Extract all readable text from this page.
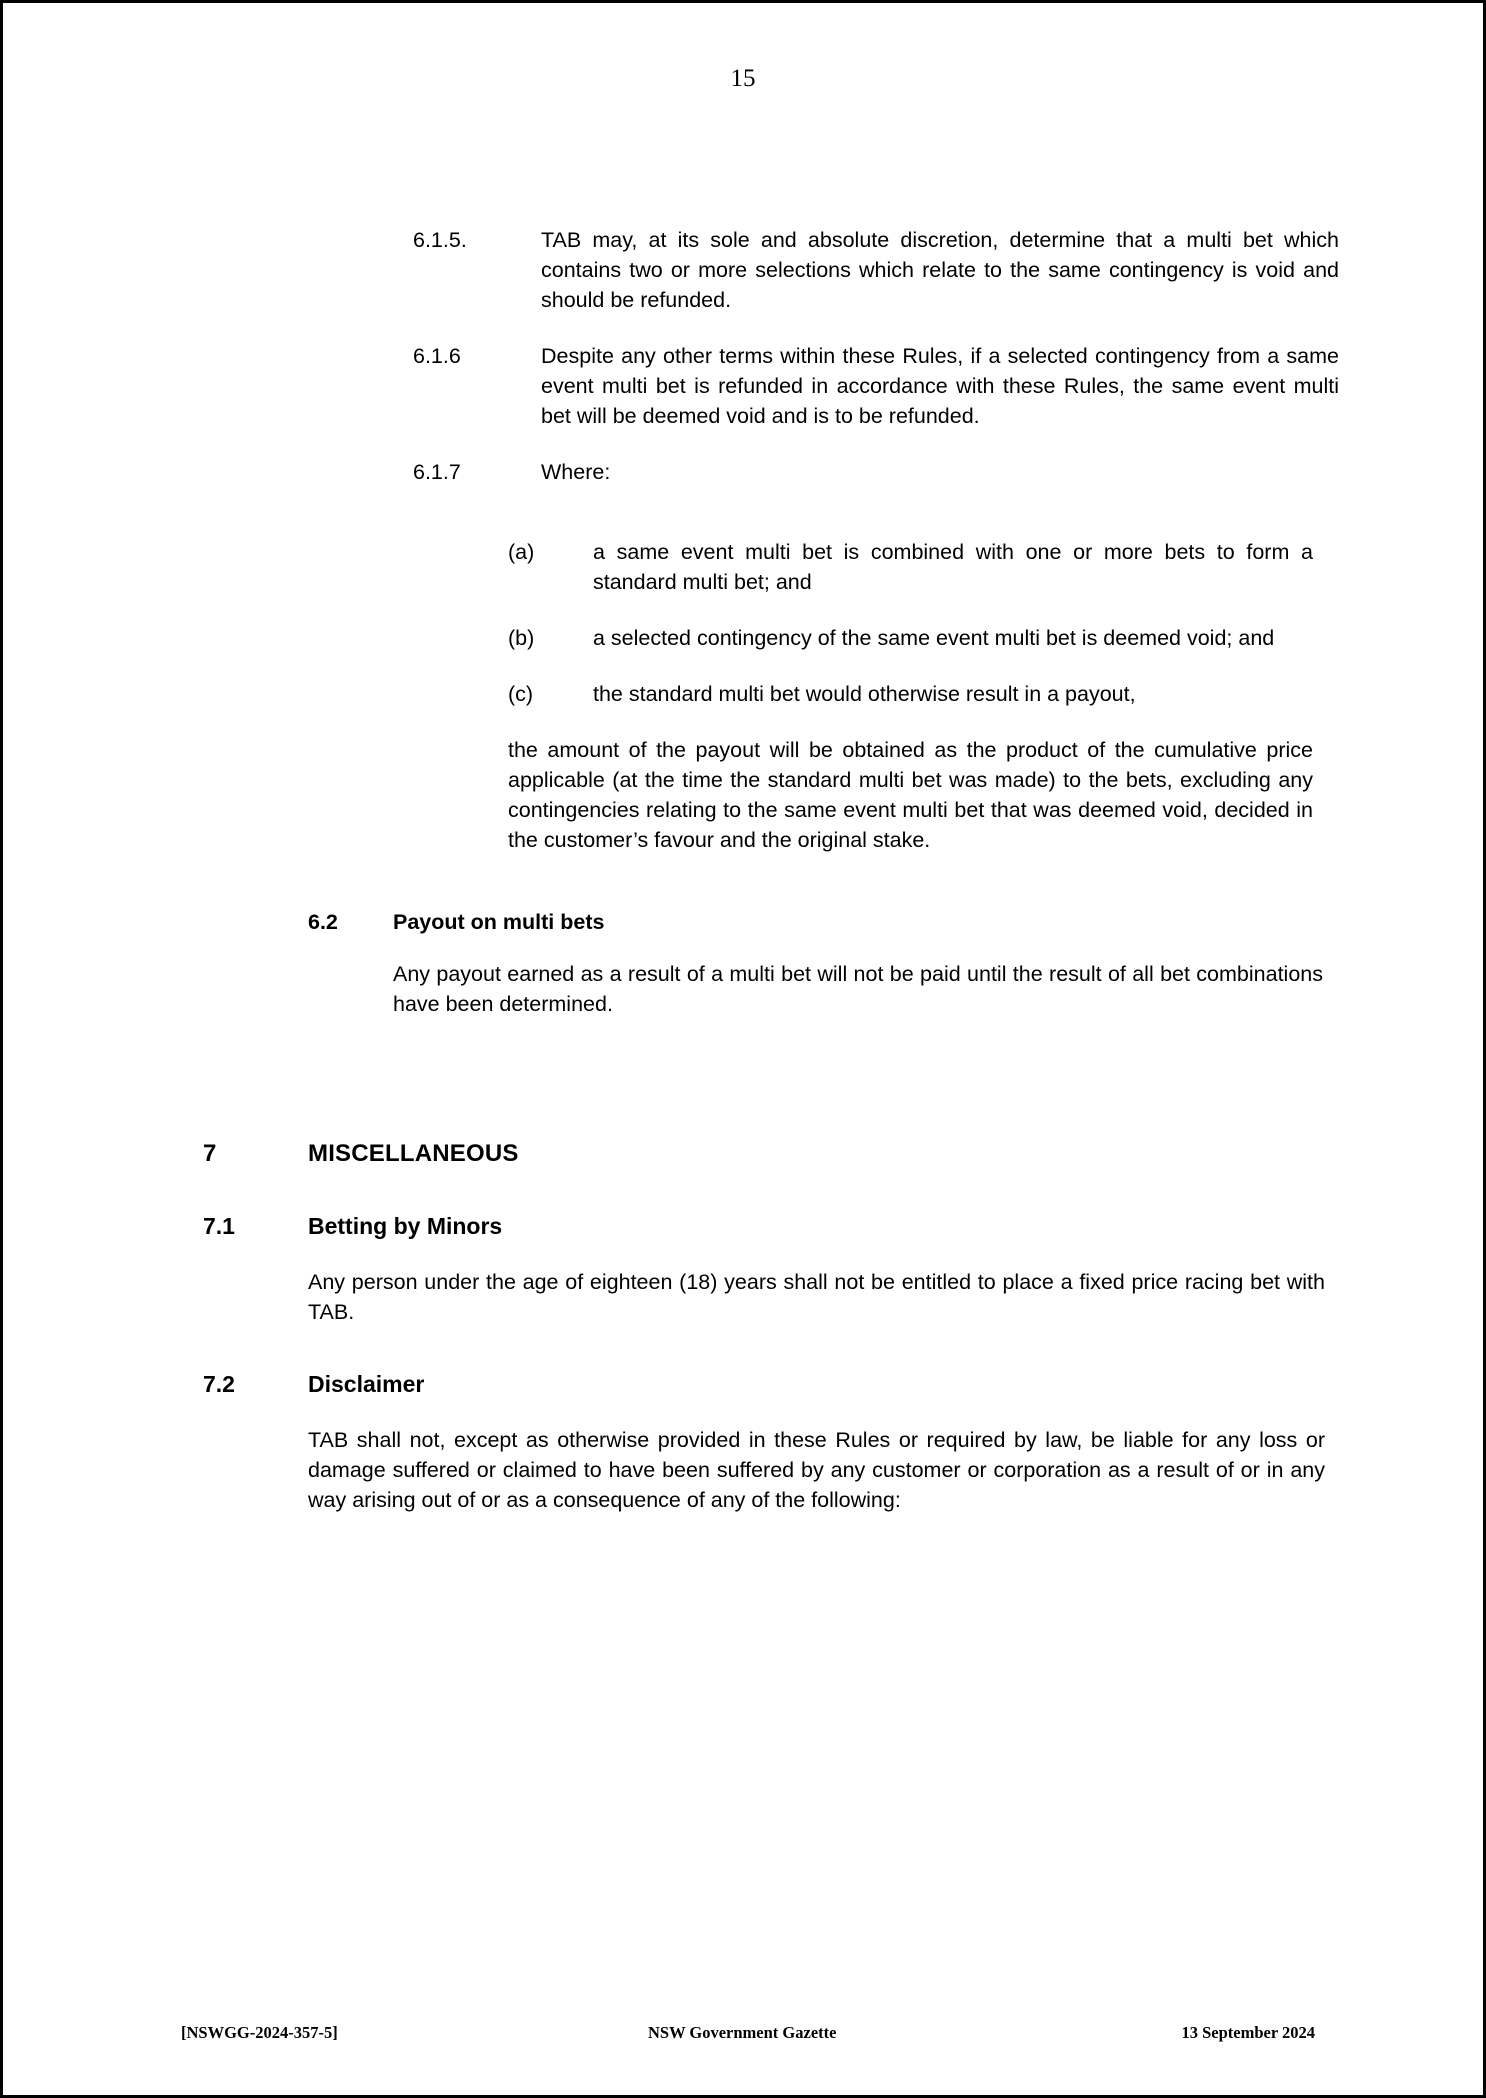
15
6.1.5.	TAB may, at its sole and absolute discretion, determine that a multi bet which contains two or more selections which relate to the same contingency is void and should be refunded.
6.1.6	Despite any other terms within these Rules, if a selected contingency from a same event multi bet is refunded in accordance with these Rules, the same event multi bet will be deemed void and is to be refunded.
6.1.7	Where:
(a)	a same event multi bet is combined with one or more bets to form a standard multi bet; and
(b)	a selected contingency of the same event multi bet is deemed void; and
(c)	the standard multi bet would otherwise result in a payout,
the amount of the payout will be obtained as the product of the cumulative price applicable (at the time the standard multi bet was made) to the bets, excluding any contingencies relating to the same event multi bet that was deemed void, decided in the customer’s favour and the original stake.
6.2	Payout on multi bets
Any payout earned as a result of a multi bet will not be paid until the result of all bet combinations have been determined.
7	MISCELLANEOUS
7.1	Betting by Minors
Any person under the age of eighteen (18) years shall not be entitled to place a fixed price racing bet with TAB.
7.2	Disclaimer
TAB shall not, except as otherwise provided in these Rules or required by law, be liable for any loss or damage suffered or claimed to have been suffered by any customer or corporation as a result of or in any way arising out of or as a consequence of any of the following:
[NSWGG-2024-357-5]	NSW Government Gazette	13 September 2024
